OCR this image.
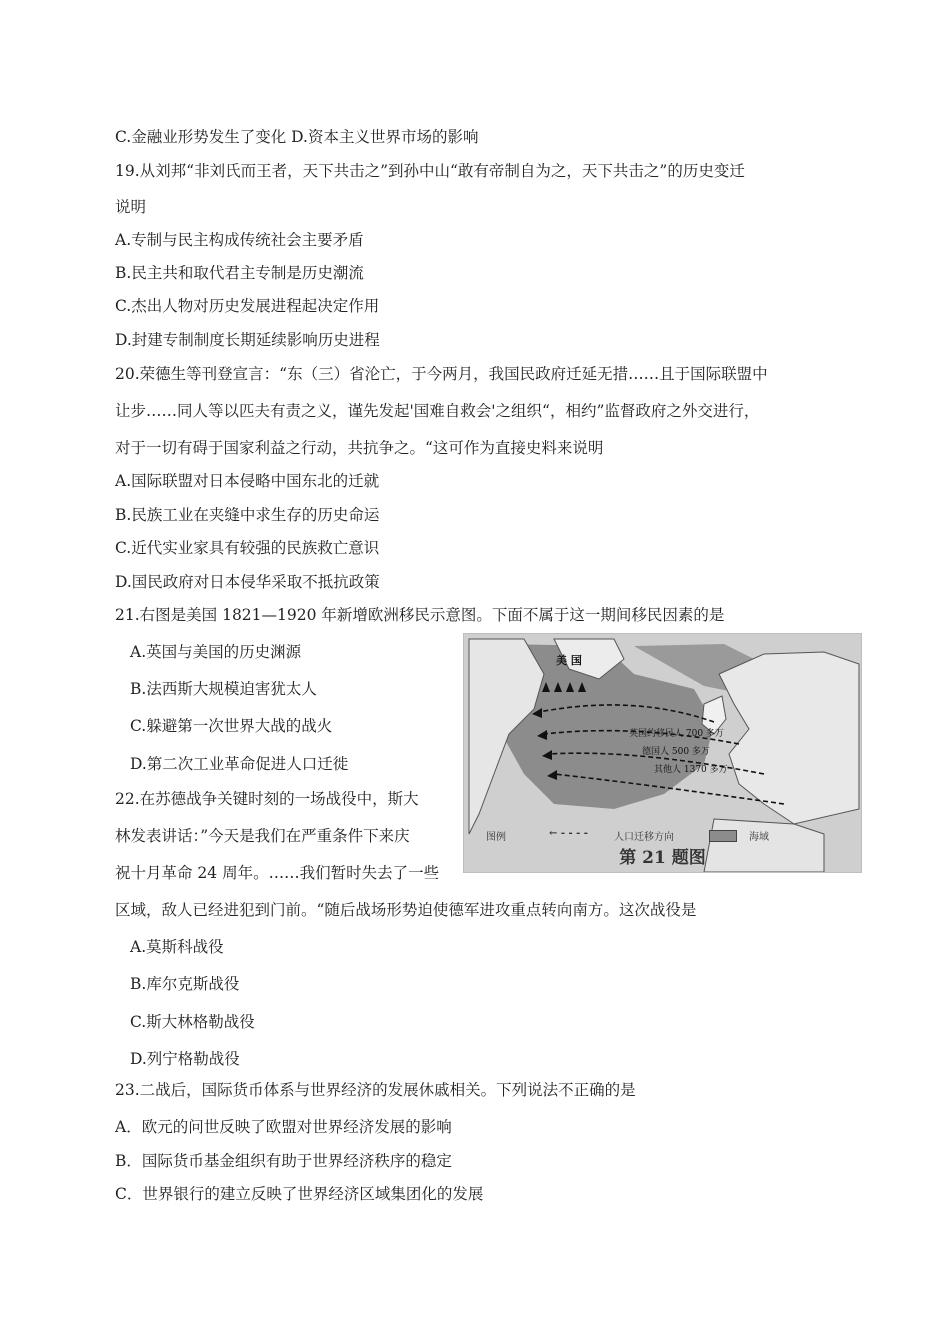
C.金融业形势发生了变化 D.资本主义世界市场的影响
19.从刘邦“非刘氏而王者，天下共击之”到孙中山“敢有帝制自为之，天下共击之”的历史变迁
说明
A.专制与民主构成传统社会主要矛盾
B.民主共和取代君主专制是历史潮流
C.杰出人物对历史发展进程起决定作用
D.封建专制制度长期延续影响历史进程
20.荣德生等刊登宣言：“东（三）省沦亡，于今两月，我国民政府迁延无措……且于国际联盟中
让步……同人等以匹夫有责之义，谨先发起'国难自救会'之组织“，相约”监督政府之外交进行，
对于一切有碍于国家利益之行动，共抗争之。“这可作为直接史料来说明
A.国际联盟对日本侵略中国东北的迁就
B.民族工业在夹缝中求生存的历史命运
C.近代实业家具有较强的民族救亡意识
D.国民政府对日本侵华采取不抵抗政策
21.右图是美国 1821—1920 年新增欧洲移民示意图。下面不属于这一期间移民因素的是
A.英国与美国的历史渊源
B.法西斯大规模迫害犹太人
C.躲避第一次世界大战的战火
D.第二次工业革命促进人口迁徙
22.在苏德战争关键时刻的一场战役中，斯大
林发表讲话：”今天是我们在严重条件下来庆
祝十月革命 24 周年。……我们暂时失去了一些
区域，敌人已经进犯到门前。“随后战场形势迫使德军进攻重点转向南方。这次战役是
A.莫斯科战役
B.库尔克斯战役
C.斯大林格勒战役
D.列宁格勒战役
23.二战后，国际货币体系与世界经济的发展休戚相关。下列说法不正确的是
A．欧元的问世反映了欧盟对世界经济发展的影响
B．国际货币基金组织有助于世界经济秩序的稳定
C．世界银行的建立反映了世界经济区域集团化的发展
美 国
英国约移民人 700 多万
德国人 500 多万
其他人 1370 多万
图例	← - - - -	人口迁移方向	海域
第 21 题图
